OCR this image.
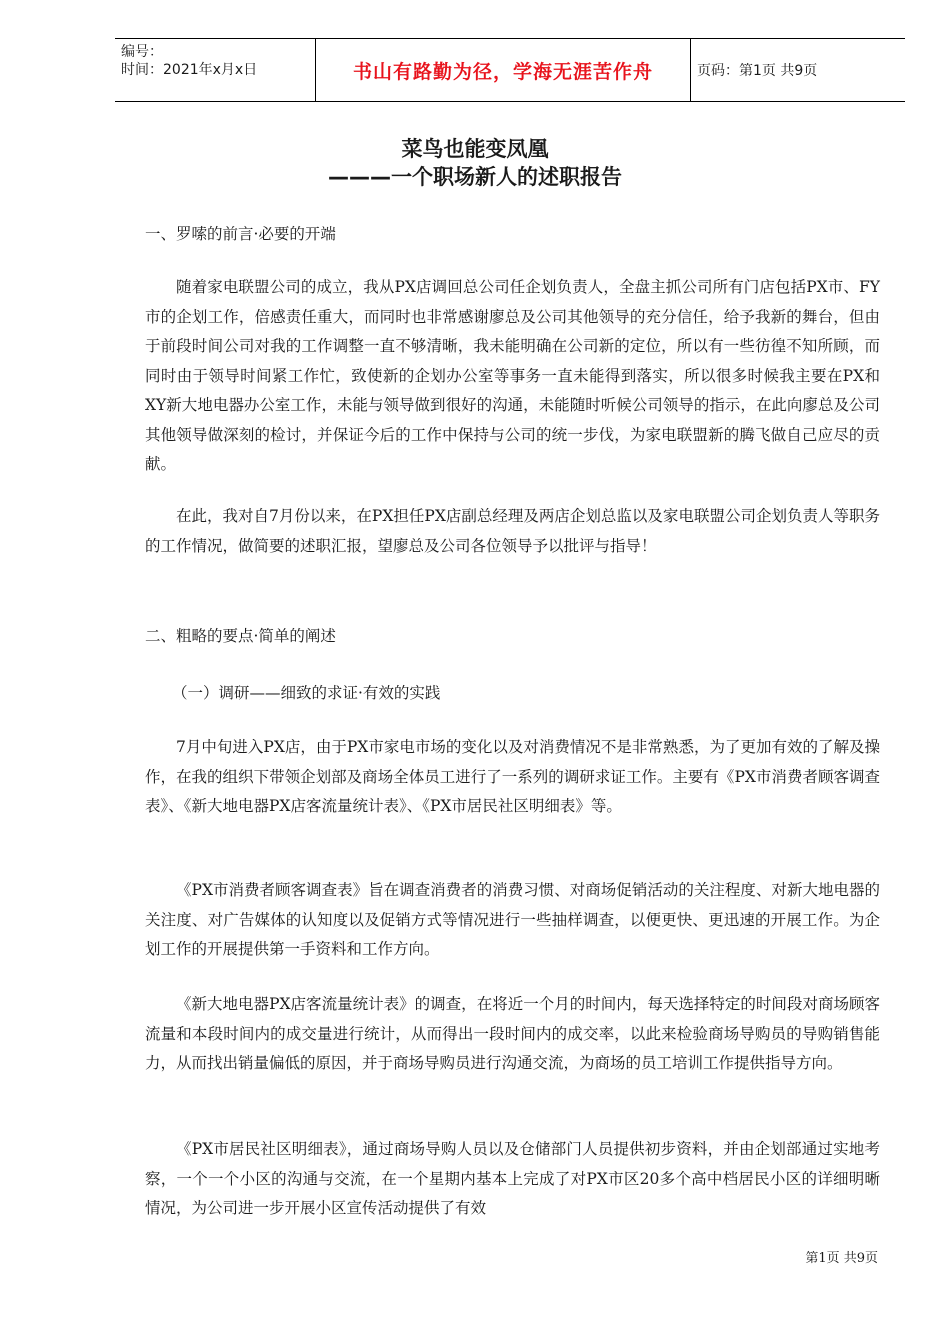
编号：
时间：2021年x月x日	书山有路勤为径，学海无涯苦作舟	页码：第1页 共9页
菜鸟也能变凤凰
———一个职场新人的述职报告
一、罗嗦的前言·必要的开端

随着家电联盟公司的成立，我从PX店调回总公司任企划负责人，全盘主抓公司所有门店包括PX市、FY市的企划工作，倍感责任重大，而同时也非常感谢廖总及公司其他领导的充分信任，给予我新的舞台，但由于前段时间公司对我的工作调整一直不够清晰，我未能明确在公司新的定位，所以有一些彷徨不知所顾，而同时由于领导时间紧工作忙，致使新的企划办公室等事务一直未能得到落实，所以很多时候我主要在PX和XY新大地电器办公室工作，未能与领导做到很好的沟通，未能随时听候公司领导的指示，在此向廖总及公司其他领导做深刻的检讨，并保证今后的工作中保持与公司的统一步伐，为家电联盟新的腾飞做自己应尽的贡献。

在此，我对自7月份以来，在PX担任PX店副总经理及两店企划总监以及家电联盟公司企划负责人等职务的工作情况，做简要的述职汇报，望廖总及公司各位领导予以批评与指导！

二、粗略的要点·简单的阐述
（一）调研——细致的求证·有效的实践

7月中旬进入PX店，由于PX市家电市场的变化以及对消费情况不是非常熟悉，为了更加有效的了解及操作，在我的组织下带领企划部及商场全体员工进行了一系列的调研求证工作。主要有《PX市消费者顾客调查表》、《新大地电器PX店客流量统计表》、《PX市居民社区明细表》等。

《PX市消费者顾客调查表》旨在调查消费者的消费习惯、对商场促销活动的关注程度、对新大地电器的关注度、对广告媒体的认知度以及促销方式等情况进行一些抽样调查，以便更快、更迅速的开展工作。为企划工作的开展提供第一手资料和工作方向。

《新大地电器PX店客流量统计表》的调查，在将近一个月的时间内，每天选择特定的时间段对商场顾客流量和本段时间内的成交量进行统计，从而得出一段时间内的成交率，以此来检验商场导购员的导购销售能力，从而找出销量偏低的原因，并于商场导购员进行沟通交流，为商场的员工培训工作提供指导方向。

《PX市居民社区明细表》，通过商场导购人员以及仓储部门人员提供初步资料，并由企划部通过实地考察，一个一个小区的沟通与交流，在一个星期内基本上完成了对PX市区20多个高中档居民小区的详细明晰情况，为公司进一步开展小区宣传活动提供了有效

第1页 共9页
